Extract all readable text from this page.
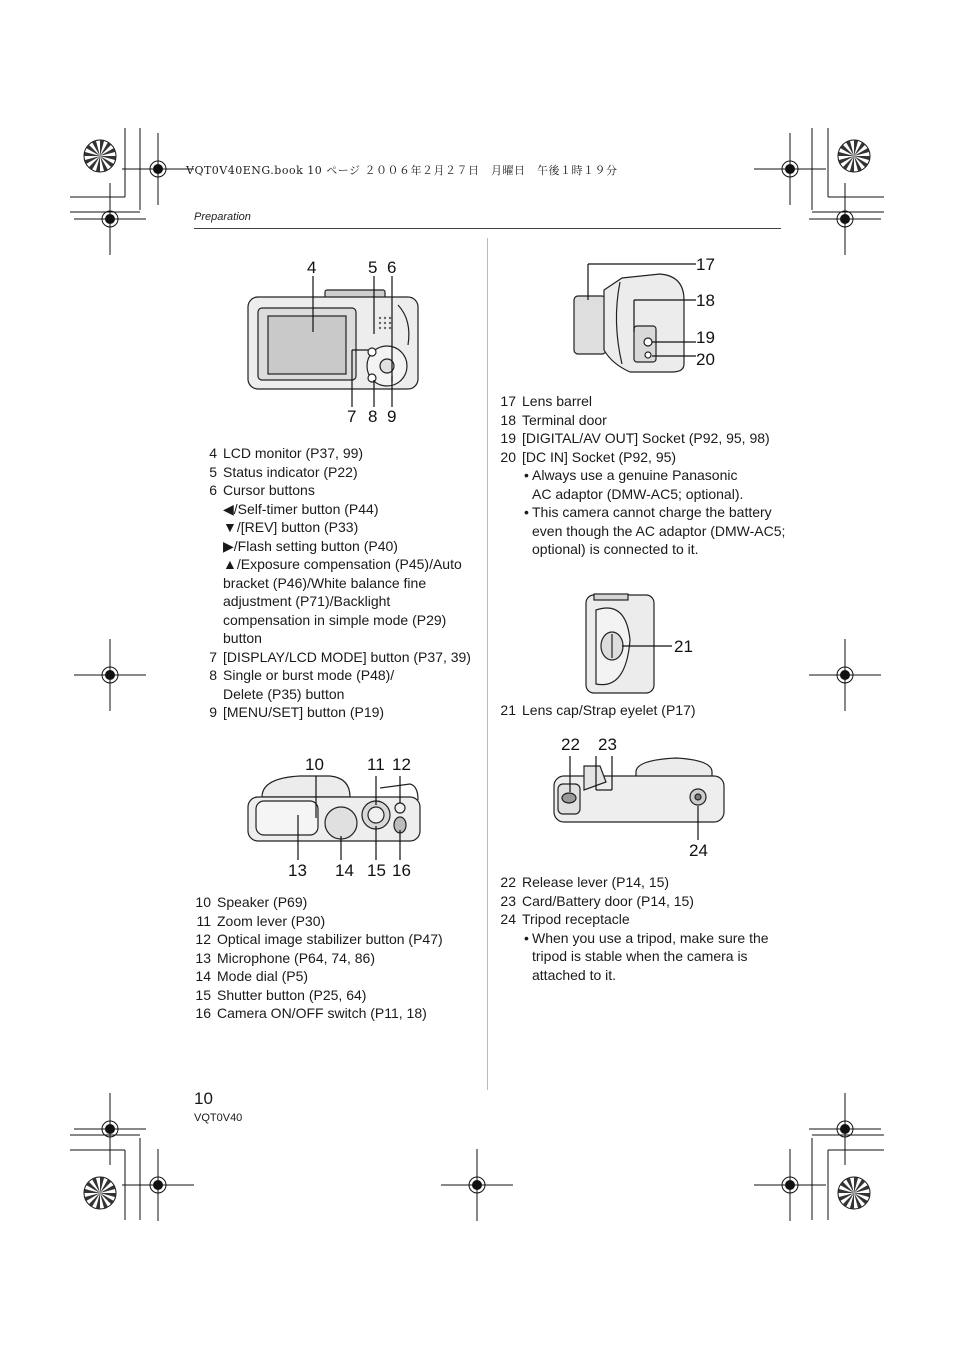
VQT0V40ENG.book 10 ページ ２００６年２月２７日　月曜日　午後１時１９分
Preparation
4	5 6
7 8 9
4 LCD monitor (P37, 99)
5 Status indicator (P22)
6 Cursor buttons
◀/Self-timer button (P44)
▼/[REV] button (P33)
▶/Flash setting button (P40)
▲/Exposure compensation (P45)/Auto bracket (P46)/White balance fine adjustment (P71)/Backlight compensation in simple mode (P29) button
7 [DISPLAY/LCD MODE] button (P37, 39)
8 Single or burst mode (P48)/ Delete (P35) button
9 [MENU/SET] button (P19)
10	11 12
13 14 15 16
10 Speaker (P69)
11 Zoom lever (P30)
12 Optical image stabilizer button (P47)
13 Microphone (P64, 74, 86)
14 Mode dial (P5)
15 Shutter button (P25, 64)
16 Camera ON/OFF switch (P11, 18)
17
18
19
20
17 Lens barrel
18 Terminal door
19 [DIGITAL/AV OUT] Socket (P92, 95, 98)
20 [DC IN] Socket (P92, 95)
• Always use a genuine Panasonic AC adaptor (DMW-AC5; optional).
• This camera cannot charge the battery even though the AC adaptor (DMW-AC5; optional) is connected to it.
21
21 Lens cap/Strap eyelet (P17)
22 23
24
22 Release lever (P14, 15)
23 Card/Battery door (P14, 15)
24 Tripod receptacle
• When you use a tripod, make sure the tripod is stable when the camera is attached to it.
10
VQT0V40
